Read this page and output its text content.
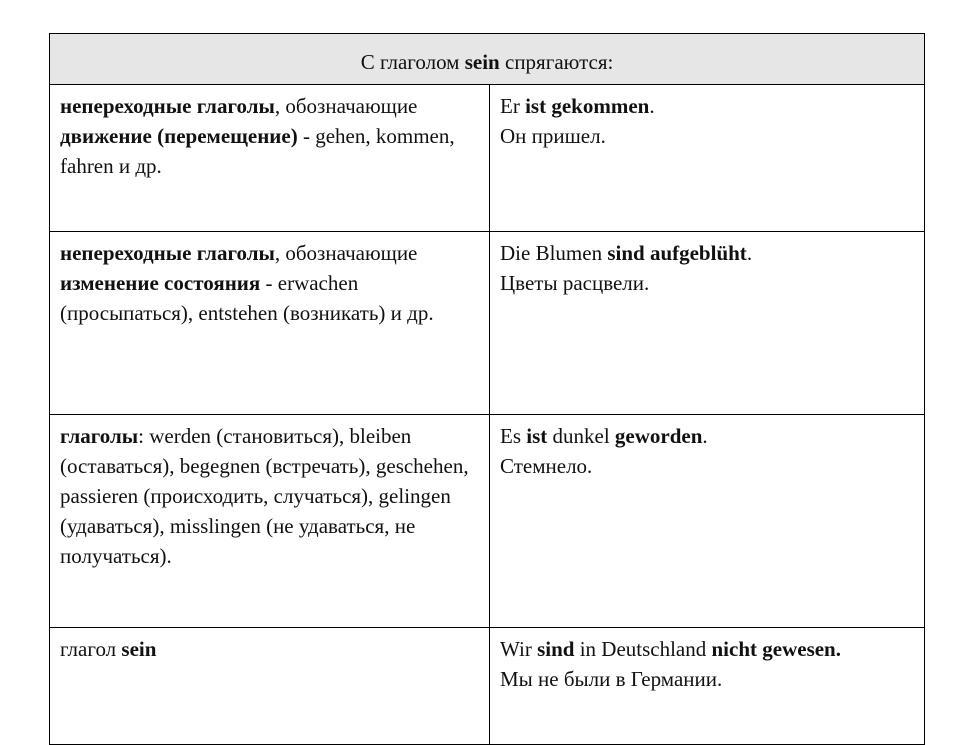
С глаголом sein спрягаются:	

непереходные глаголы, обозначающие движение (перемещение) - gehen, kommen, fahren и др.	Er ist gekommen.
Он пришел.

непереходные глаголы, обозначающие изменение состояния - erwachen (просыпаться), entstehen (возникать) и др.	Die Blumen sind aufgeblüht.
Цветы расцвели.

глаголы: werden (становиться), bleiben (оставаться), begegnen (встречать), geschehen, passieren (происходить, случаться), gelingen (удаваться), misslingen (не удаваться, не получаться).	Es ist dunkel geworden.
Стемнело.

глагол sein	Wir sind in Deutschland nicht gewesen.
Мы не были в Германии.
